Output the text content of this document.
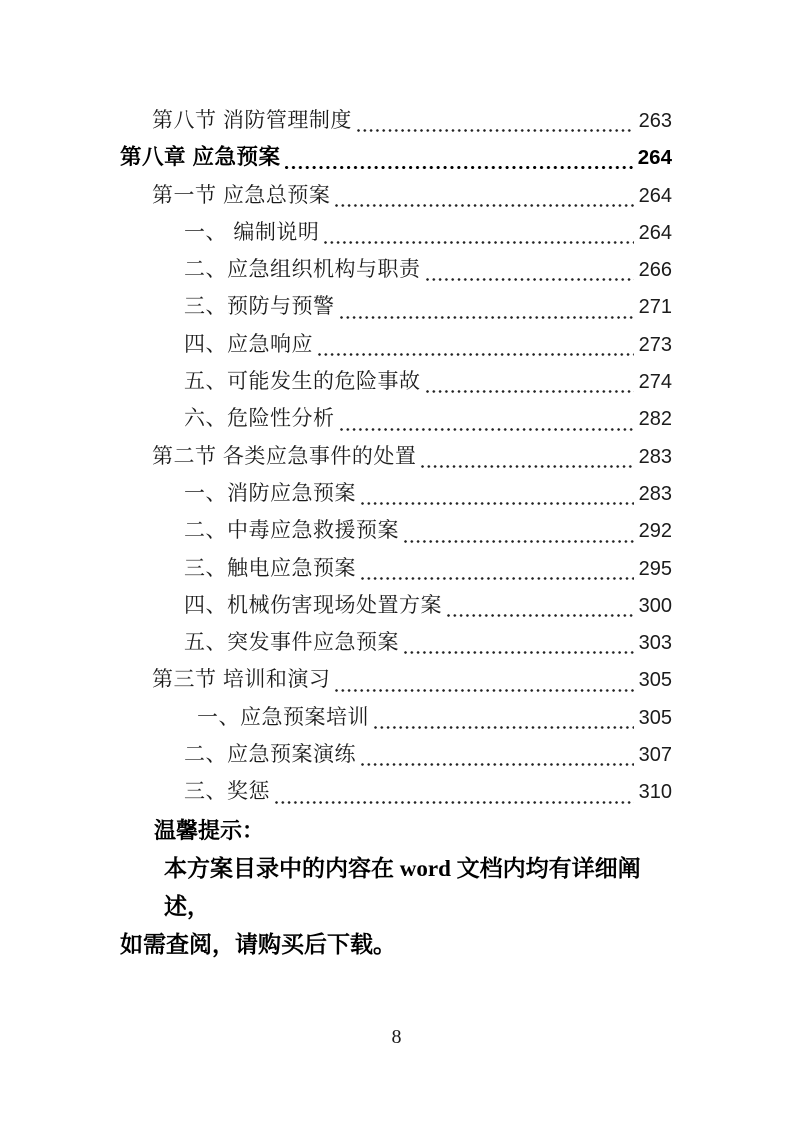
第八节 消防管理制度	263
第八章 应急预案	264
第一节 应急总预案	264
一、 编制说明	264
二、应急组织机构与职责	266
三、预防与预警	271
四、应急响应	273
五、可能发生的危险事故	274
六、危险性分析	282
第二节 各类应急事件的处置	283
一、消防应急预案	283
二、中毒应急救援预案	292
三、触电应急预案	295
四、机械伤害现场处置方案	300
五、突发事件应急预案	303
第三节 培训和演习	305
一、应急预案培训	305
二、应急预案演练	307
三、奖惩	310

温馨提示：

本方案目录中的内容在 word 文档内均有详细阐述，

如需查阅，请购买后下载。

8
